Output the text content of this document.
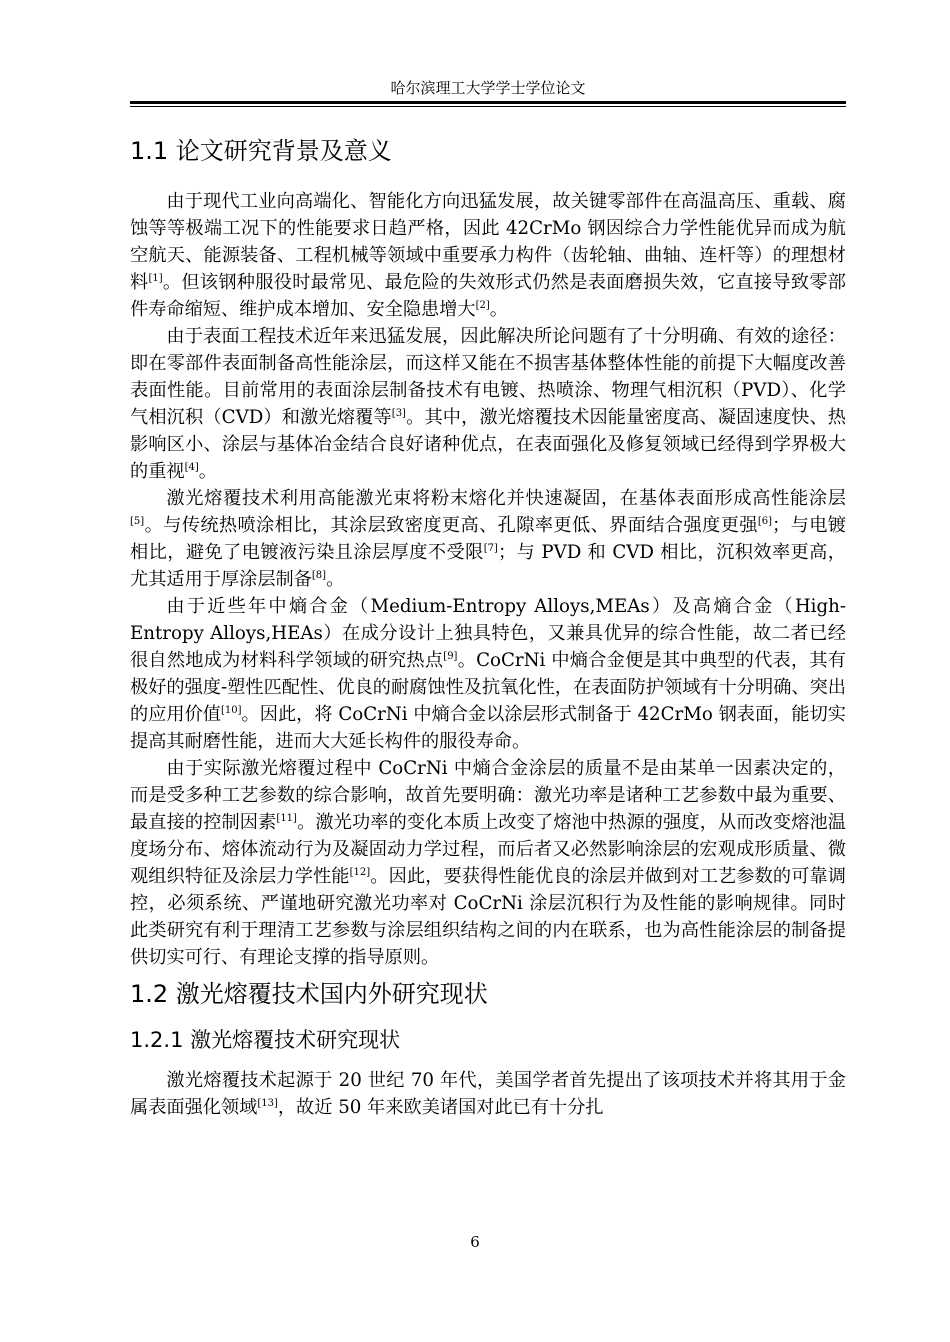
哈尔滨理工大学学士学位论文
1.1 论文研究背景及意义

由于现代工业向高端化、智能化方向迅猛发展，故关键零部件在高温高压、重载、腐蚀等等极端工况下的性能要求日趋严格，因此 42CrMo 钢因综合力学性能优异而成为航空航天、能源装备、工程机械等领域中重要承力构件（齿轮轴、曲轴、连杆等）的理想材料[1]。但该钢种服役时最常见、最危险的失效形式仍然是表面磨损失效，它直接导致零部件寿命缩短、维护成本增加、安全隐患增大[2]。

由于表面工程技术近年来迅猛发展，因此解决所论问题有了十分明确、有效的途径：即在零部件表面制备高性能涂层，而这样又能在不损害基体整体性能的前提下大幅度改善表面性能。目前常用的表面涂层制备技术有电镀、热喷涂、物理气相沉积（PVD）、化学气相沉积（CVD）和激光熔覆等[3]。其中，激光熔覆技术因能量密度高、凝固速度快、热影响区小、涂层与基体冶金结合良好诸种优点，在表面强化及修复领域已经得到学界极大的重视[4]。

激光熔覆技术利用高能激光束将粉末熔化并快速凝固，在基体表面形成高性能涂层[5]。与传统热喷涂相比，其涂层致密度更高、孔隙率更低、界面结合强度更强[6]；与电镀相比，避免了电镀液污染且涂层厚度不受限[7]；与 PVD 和 CVD 相比，沉积效率更高，尤其适用于厚涂层制备[8]。

由于近些年中熵合金（Medium-Entropy Alloys,MEAs）及高熵合金（High-Entropy Alloys,HEAs）在成分设计上独具特色，又兼具优异的综合性能，故二者已经很自然地成为材料科学领域的研究热点[9]。CoCrNi 中熵合金便是其中典型的代表，其有极好的强度-塑性匹配性、优良的耐腐蚀性及抗氧化性，在表面防护领域有十分明确、突出的应用价值[10]。因此，将 CoCrNi 中熵合金以涂层形式制备于 42CrMo 钢表面，能切实提高其耐磨性能，进而大大延长构件的服役寿命。

由于实际激光熔覆过程中 CoCrNi 中熵合金涂层的质量不是由某单一因素决定的，而是受多种工艺参数的综合影响，故首先要明确：激光功率是诸种工艺参数中最为重要、最直接的控制因素[11]。激光功率的变化本质上改变了熔池中热源的强度，从而改变熔池温度场分布、熔体流动行为及凝固动力学过程，而后者又必然影响涂层的宏观成形质量、微观组织特征及涂层力学性能[12]。因此，要获得性能优良的涂层并做到对工艺参数的可靠调控，必须系统、严谨地研究激光功率对 CoCrNi 涂层沉积行为及性能的影响规律。同时此类研究有利于理清工艺参数与涂层组织结构之间的内在联系，也为高性能涂层的制备提供切实可行、有理论支撑的指导原则。

1.2 激光熔覆技术国内外研究现状
1.2.1 激光熔覆技术研究现状

激光熔覆技术起源于 20 世纪 70 年代，美国学者首先提出了该项技术并将其用于金属表面强化领域[13]，故近 50 年来欧美诸国对此已有十分扎

6
